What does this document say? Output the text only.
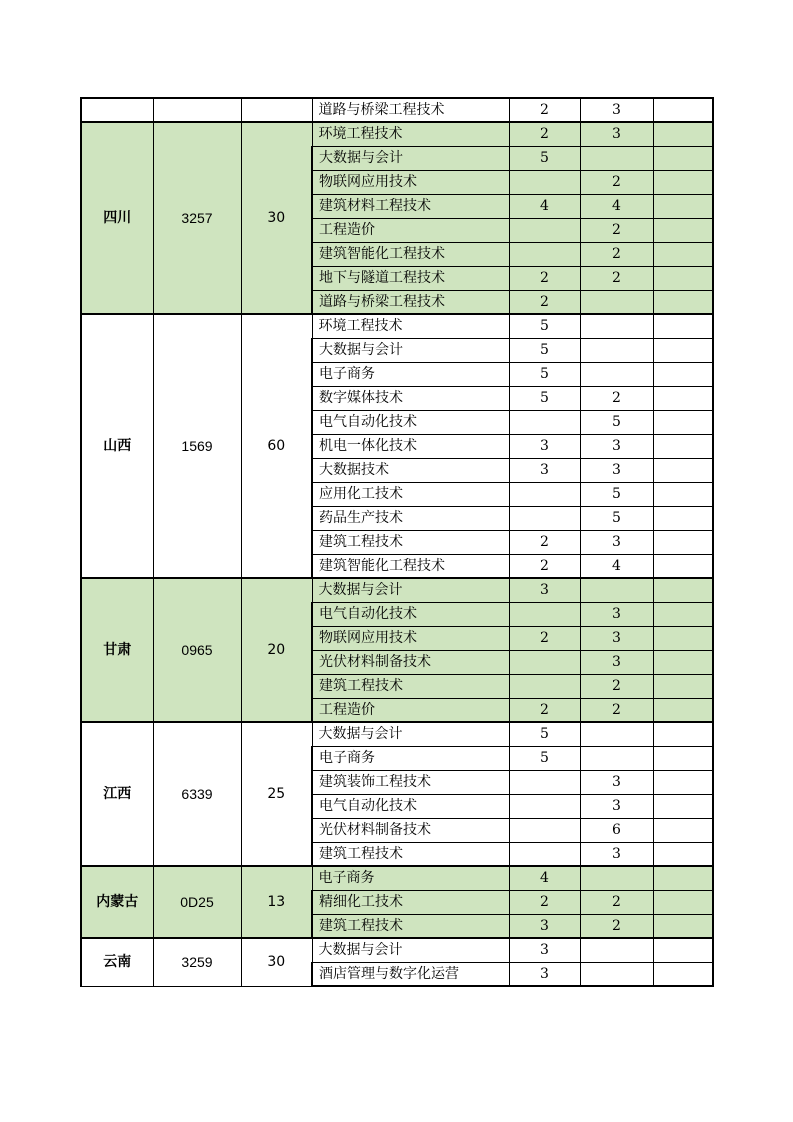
			道路与桥梁工程技术	2	3	
四川	3257	30	环境工程技术	2	3	
			大数据与会计	5		
			物联网应用技术		2	
			建筑材料工程技术	4	4	
			工程造价		2	
			建筑智能化工程技术		2	
			地下与隧道工程技术	2	2	
			道路与桥梁工程技术	2		
山西	1569	60	环境工程技术	5		
			大数据与会计	5		
			电子商务	5		
			数字媒体技术	5	2	
			电气自动化技术		5	
			机电一体化技术	3	3	
			大数据技术	3	3	
			应用化工技术		5	
			药品生产技术		5	
			建筑工程技术	2	3	
			建筑智能化工程技术	2	4	
甘肃	0965	20	大数据与会计	3		
			电气自动化技术		3	
			物联网应用技术	2	3	
			光伏材料制备技术		3	
			建筑工程技术		2	
			工程造价	2	2	
江西	6339	25	大数据与会计	5		
			电子商务	5		
			建筑装饰工程技术		3	
			电气自动化技术		3	
			光伏材料制备技术		6	
			建筑工程技术		3	
内蒙古	0D25	13	电子商务	4		
			精细化工技术	2	2	
			建筑工程技术	3	2	
云南	3259	30	大数据与会计	3		
			酒店管理与数字化运营	3		
